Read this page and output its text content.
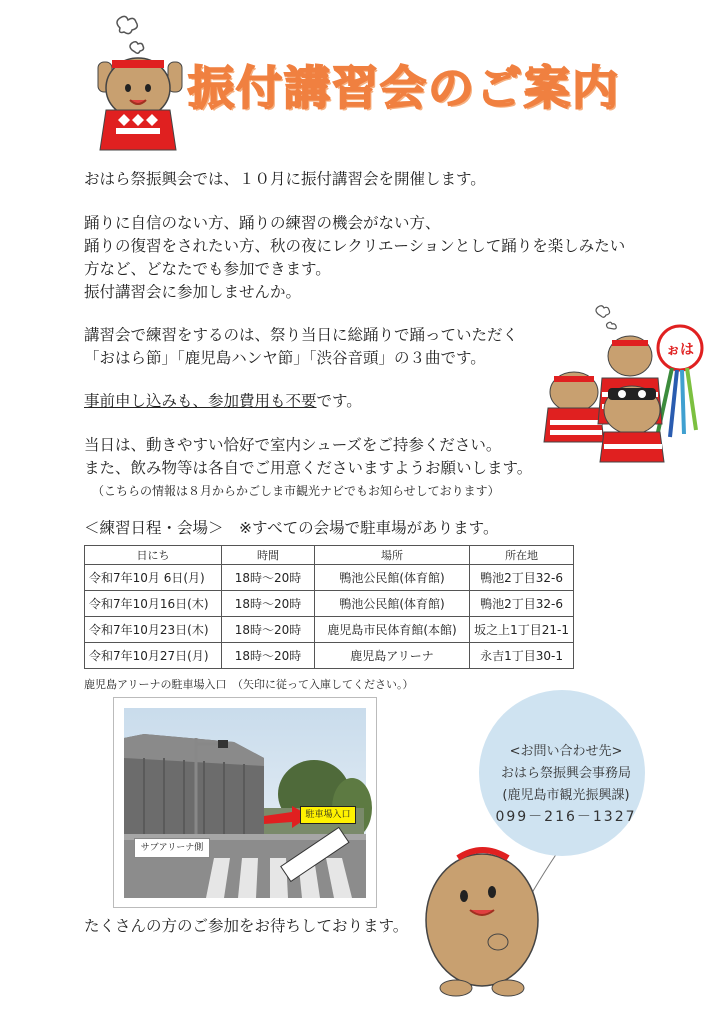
振付講習会のご案内
おはら祭振興会では、１０月に振付講習会を開催します。
踊りに自信のない方、踊りの練習の機会がない方、
踊りの復習をされたい方、秋の夜にレクリエーションとして踊りを楽しみたい
方など、どなたでも参加できます。
振付講習会に参加しませんか。
講習会で練習をするのは、祭り当日に総踊りで踊っていただく
「おはら節」「鹿児島ハンヤ節」「渋谷音頭」の３曲です。
事前申し込みも、参加費用も不要です。
当日は、動きやすい恰好で室内シューズをご持参ください。
また、飲み物等は各自でご用意くださいますようお願いします。
（こちらの情報は８月からかごしま市観光ナビでもお知らせしております）
ぉは
＜練習日程・会場＞　※すべての会場で駐車場があります。
日にち	時間	場所	所在地
令和7年10月 6日(月)	18時～20時	鴨池公民館(体育館)	鴨池2丁目32-6
令和7年10月16日(木)	18時～20時	鴨池公民館(体育館)	鴨池2丁目32-6
令和7年10月23日(木)	18時～20時	鹿児島市民体育館(本館)	坂之上1丁目21-1
令和7年10月27日(月)	18時～20時	鹿児島アリーナ	永吉1丁目30-1
鹿児島アリーナの駐車場入口　（矢印に従って入庫してください。）
駐車場入口
サブアリーナ側
たくさんの方のご参加をお待ちしております。
<お問い合わせ先>
おはら祭振興会事務局
(鹿児島市観光振興課)
099－216－1327
